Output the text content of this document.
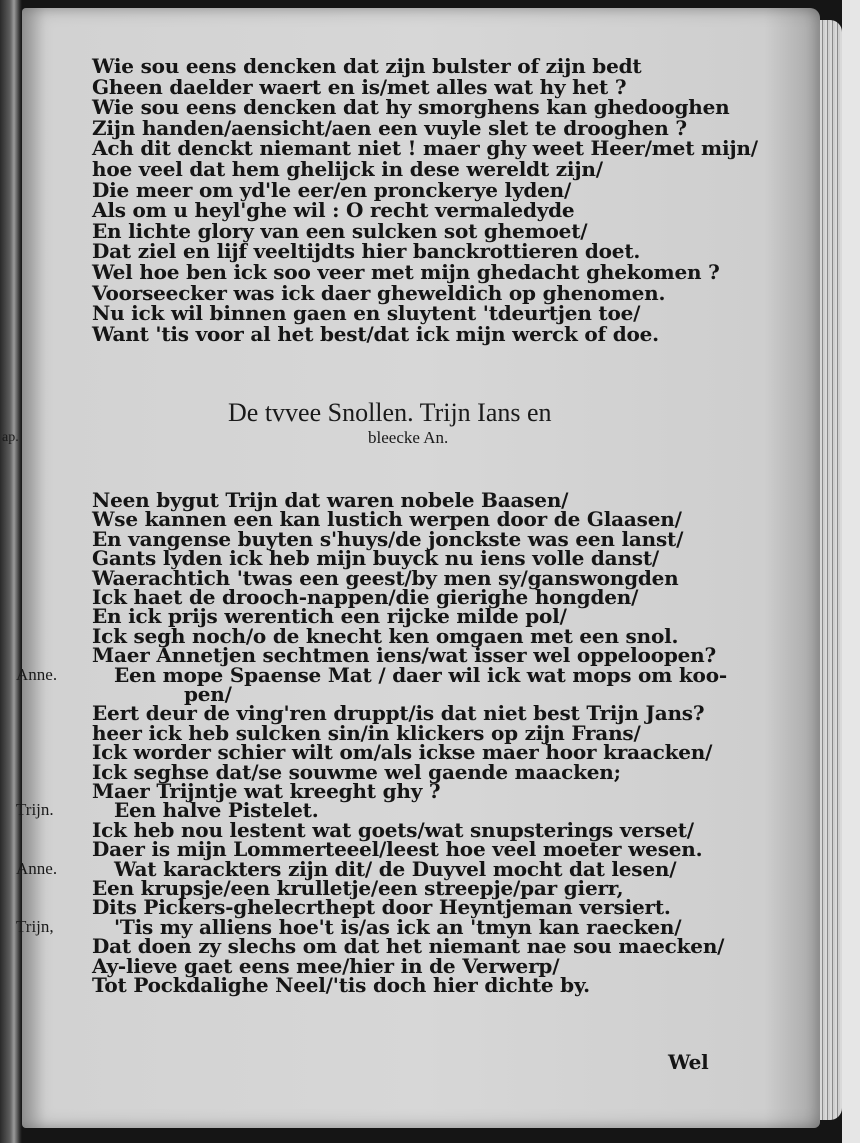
ap.
Wie sou eens dencken dat zijn bulster of zijn bedt
Gheen daelder waert en is/met alles wat hy het ?
Wie sou eens dencken dat hy smorghens kan ghedooghen
Zijn handen/aensicht/aen een vuyle slet te drooghen ?
Ach dit denckt niemant niet ! maer ghy weet Heer/met mijn/
hoe veel dat hem ghelijck in dese wereldt zijn/
Die meer om yd'le eer/en pronckerye lyden/
Als om u heyl'ghe wil : O recht vermaledyde
En lichte glory van een sulcken sot ghemoet/
Dat ziel en lijf veeltijdts hier banckrottieren doet.
Wel hoe ben ick soo veer met mijn ghedacht ghekomen ?
Voorseecker was ick daer gheweldich op ghenomen.
Nu ick wil binnen gaen en sluytent 'tdeurtjen toe/
Want 'tis voor al het best/dat ick mijn werck of doe.
De tvvee Snollen. Trijn Ians en
bleecke An.
Neen bygut Trijn dat waren nobele Baasen/
Wse kannen een kan lustich werpen door de Glaasen/
En vangense buyten s'huys/de jonckste was een lanst/
Gants lyden ick heb mijn buyck nu iens volle danst/
Waerachtich 'twas een geest/by men sy/ganswongden
Ick haet de drooch-nappen/die gierighe hongden/
En ick prijs werentich een rijcke milde pol/
Ick segh noch/o de knecht ken omgaen met een snol.
Maer Annetjen sechtmen iens/wat isser wel oppeloopen?
Een mope Spaense Mat / daer wil ick wat mops om koo-
pen/
Eert deur de ving'ren druppt/is dat niet best Trijn Jans?
heer ick heb sulcken sin/in klickers op zijn Frans/
Ick worder schier wilt om/als ickse maer hoor kraacken/
Ick seghse dat/se souwme wel gaende maacken;
Maer Trijntje wat kreeght ghy ?
Een halve Pistelet.
Ick heb nou lestent wat goets/wat snupsterings verset/
Daer is mijn Lommerteeel/leest hoe veel moeter wesen.
Wat karackters zijn dit/ de Duyvel mocht dat lesen/
Een krupsje/een krulletje/een streepje/par gierr,
Dits Pickers-ghelecrthept door Heyntjeman versiert.
'Tis my alliens hoe't is/as ick an 'tmyn kan raecken/
Dat doen zy slechs om dat het niemant nae sou maecken/
Ay-lieve gaet eens mee/hier in de Verwerp/
Tot Pockdalighe Neel/'tis doch hier dichte by.
Wel
Anne.
Trijn.
Anne.
Trijn,
